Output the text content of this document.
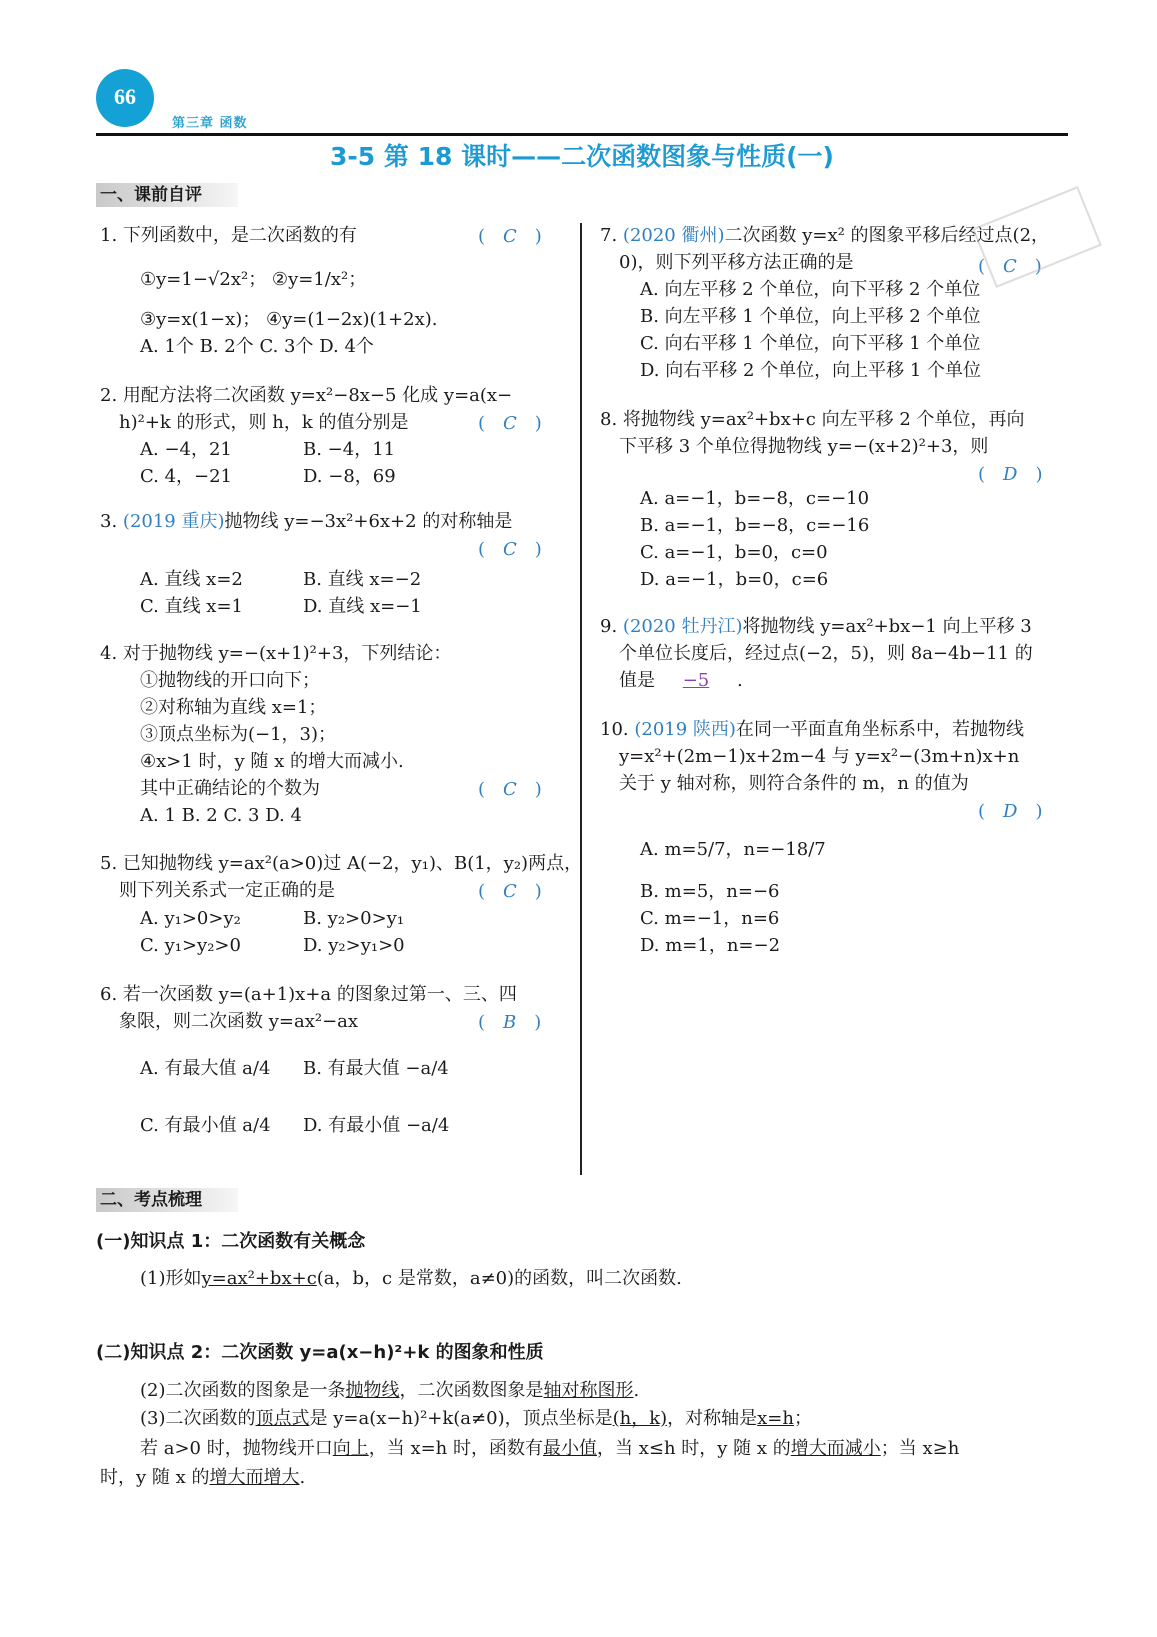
66
第三章 函数
3-5 第 18 课时——二次函数图象与性质(一)
一、课前自评
1. 下列函数中，是二次函数的有	(　C　)
①y=1−√2x²； ②y=1/x²；
③y=x(1−x)； ④y=(1−2x)(1+2x).
A. 1个 B. 2个 C. 3个 D. 4个
2. 用配方法将二次函数 y=x²−8x−5 化成 y=a(x−
h)²+k 的形式，则 h，k 的值分别是	(　C　)
A. −4，21	B. −4，11
C. 4，−21	D. −8，69
3. (2019 重庆)抛物线 y=−3x²+6x+2 的对称轴是
(　C　)
A. 直线 x=2	B. 直线 x=−2
C. 直线 x=1	D. 直线 x=−1
4. 对于抛物线 y=−(x+1)²+3，下列结论：
①抛物线的开口向下；
②对称轴为直线 x=1；
③顶点坐标为(−1，3)；
④x>1 时，y 随 x 的增大而减小.
其中正确结论的个数为	(　C　)
A. 1 B. 2 C. 3 D. 4
5. 已知抛物线 y=ax²(a>0)过 A(−2，y₁)、B(1，y₂)两点，
则下列关系式一定正确的是	(　C　)
A. y₁>0>y₂	B. y₂>0>y₁
C. y₁>y₂>0	D. y₂>y₁>0
6. 若一次函数 y=(a+1)x+a 的图象过第一、三、四
象限，则二次函数 y=ax²−ax	(　B　)
A. 有最大值 a/4 B. 有最大值 −a/4
C. 有最小值 a/4 D. 有最小值 −a/4
7. (2020 衢州)二次函数 y=x² 的图象平移后经过点(2，
0)，则下列平移方法正确的是	(　C　)
A. 向左平移 2 个单位，向下平移 2 个单位
B. 向左平移 1 个单位，向上平移 2 个单位
C. 向右平移 1 个单位，向下平移 1 个单位
D. 向右平移 2 个单位，向上平移 1 个单位
8. 将抛物线 y=ax²+bx+c 向左平移 2 个单位，再向
下平移 3 个单位得抛物线 y=−(x+2)²+3，则
(　D　)
A. a=−1，b=−8，c=−10
B. a=−1，b=−8，c=−16
C. a=−1，b=0，c=0
D. a=−1，b=0，c=6
9. (2020 牡丹江)将抛物线 y=ax²+bx−1 向上平移 3
个单位长度后，经过点(−2，5)，则 8a−4b−11 的
值是 −5 .
10. (2019 陕西)在同一平面直角坐标系中，若抛物线
y=x²+(2m−1)x+2m−4 与 y=x²−(3m+n)x+n
关于 y 轴对称，则符合条件的 m，n 的值为
(　D　)
A. m=5/7，n=−18/7
B. m=5，n=−6
C. m=−1，n=6
D. m=1，n=−2
二、考点梳理
(一)知识点 1：二次函数有关概念
(1)形如y=ax²+bx+c(a，b，c 是常数，a≠0)的函数，叫二次函数.
(二)知识点 2：二次函数 y=a(x−h)²+k 的图象和性质
(2)二次函数的图象是一条抛物线，二次函数图象是轴对称图形.
(3)二次函数的顶点式是 y=a(x−h)²+k(a≠0)，顶点坐标是(h，k)，对称轴是x=h；
若 a>0 时，抛物线开口向上，当 x=h 时，函数有最小值，当 x≤h 时，y 随 x 的增大而减小；当 x≥h
时，y 随 x 的增大而增大.
